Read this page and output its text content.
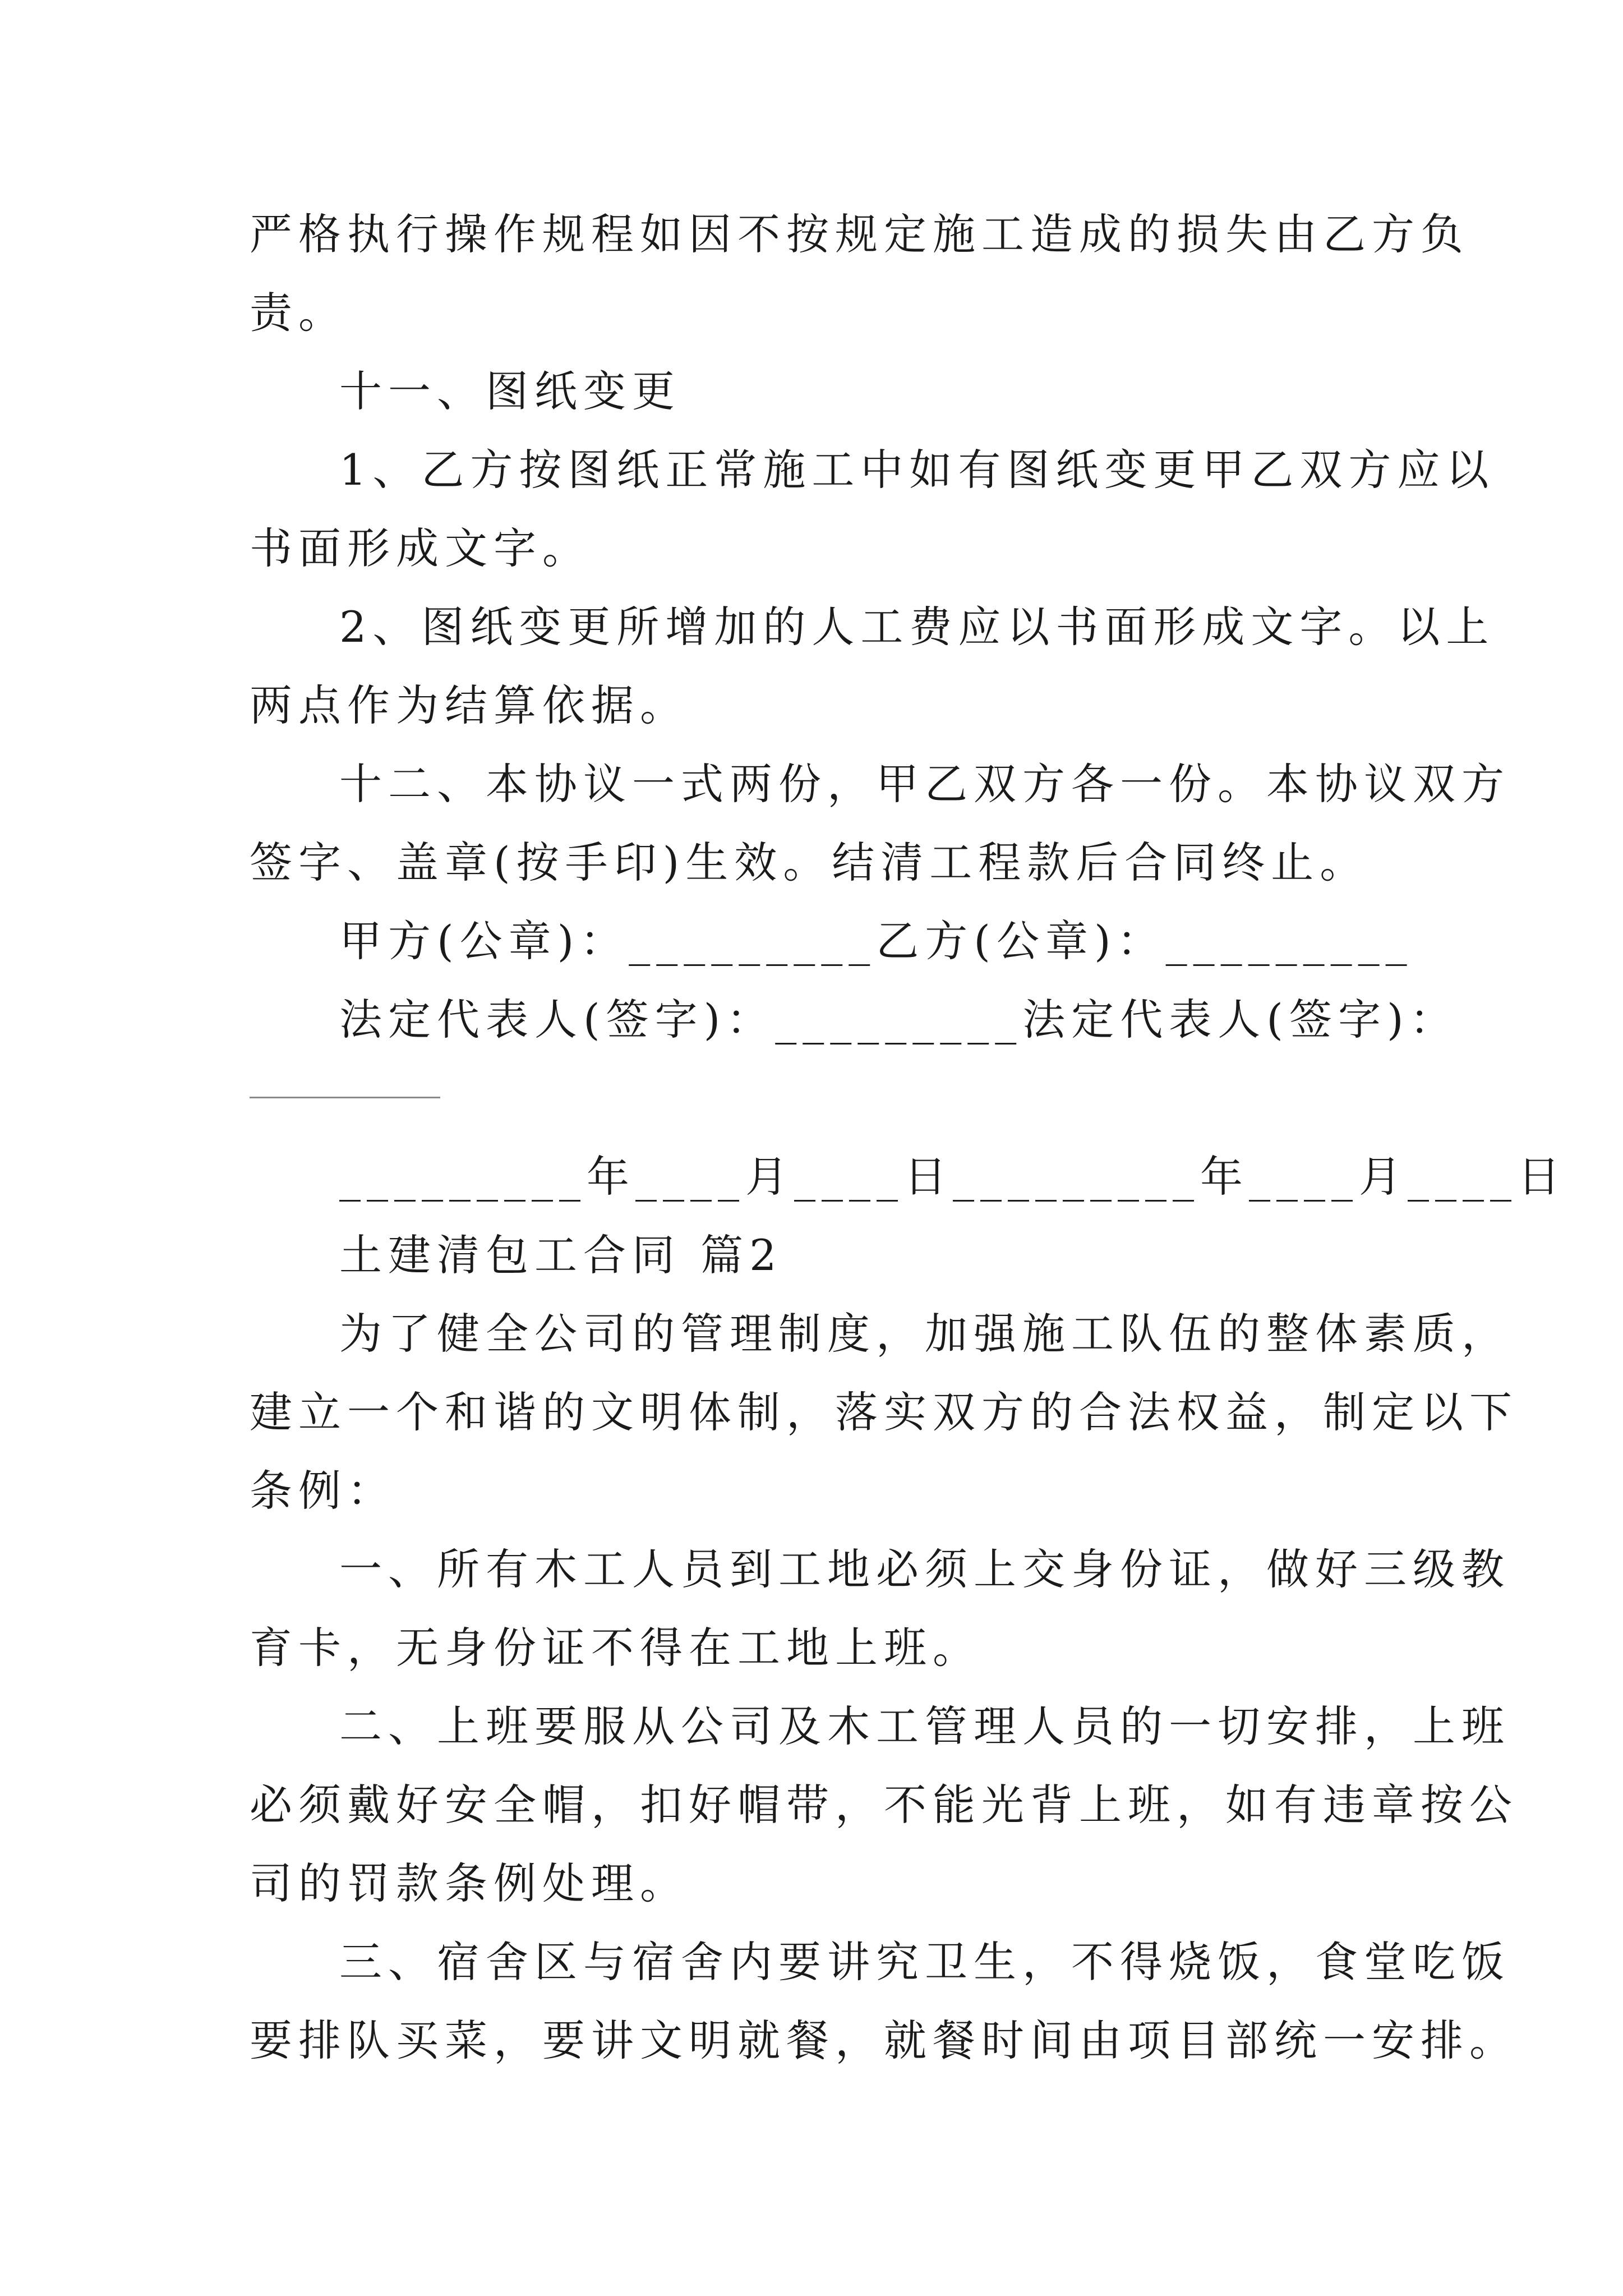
严格执行操作规程如因不按规定施工造成的损失由乙方负
责。
十一、图纸变更
1、乙方按图纸正常施工中如有图纸变更甲乙双方应以
书面形成文字。
2、图纸变更所增加的人工费应以书面形成文字。以上
两点作为结算依据。
十二、本协议一式两份，甲乙双方各一份。本协议双方
签字、盖章(按手印)生效。结清工程款后合同终止。
甲方(公章)：_________乙方(公章)：_________
法定代表人(签字)：_________法定代表人(签字)：
_________年____月____日_________年____月____日
土建清包工合同 篇2
为了健全公司的管理制度，加强施工队伍的整体素质，
建立一个和谐的文明体制，落实双方的合法权益，制定以下
条例：
一、所有木工人员到工地必须上交身份证，做好三级教
育卡，无身份证不得在工地上班。
二、上班要服从公司及木工管理人员的一切安排，上班
必须戴好安全帽，扣好帽带，不能光背上班，如有违章按公
司的罚款条例处理。
三、宿舍区与宿舍内要讲究卫生，不得烧饭，食堂吃饭
要排队买菜，要讲文明就餐，就餐时间由项目部统一安排。
